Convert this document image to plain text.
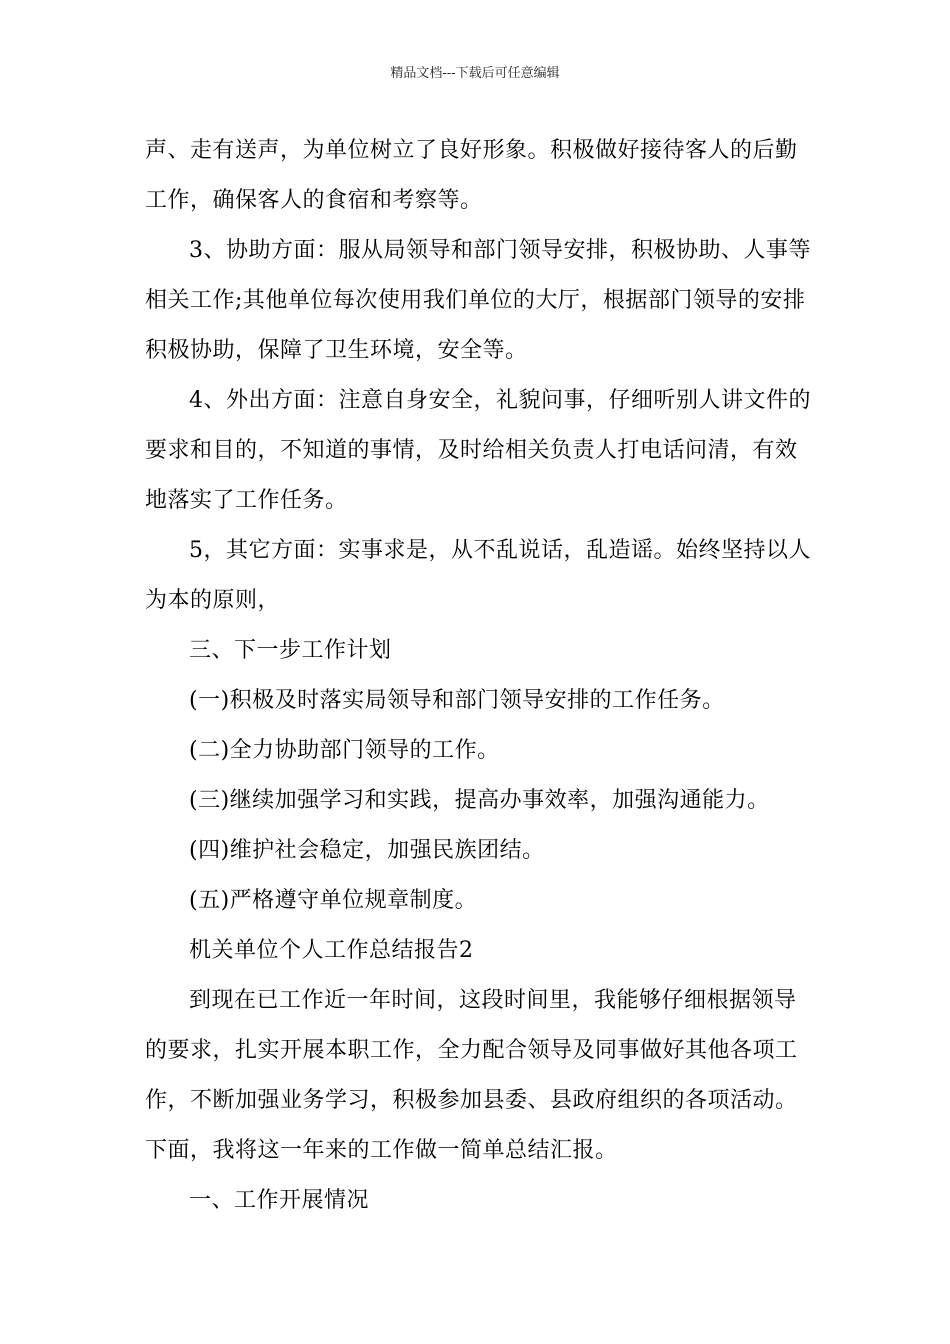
精品文档---下载后可任意编辑
声、走有送声，为单位树立了良好形象。积极做好接待客人的后勤
工作，确保客人的食宿和考察等。
3、协助方面：服从局领导和部门领导安排，积极协助、人事等
相关工作;其他单位每次使用我们单位的大厅，根据部门领导的安排
积极协助，保障了卫生环境，安全等。
4、外出方面：注意自身安全，礼貌问事，仔细听别人讲文件的
要求和目的，不知道的事情，及时给相关负责人打电话问清，有效
地落实了工作任务。
5，其它方面：实事求是，从不乱说话，乱造谣。始终坚持以人
为本的原则，
三、下一步工作计划
(一)积极及时落实局领导和部门领导安排的工作任务。
(二)全力协助部门领导的工作。
(三)继续加强学习和实践，提高办事效率，加强沟通能力。
(四)维护社会稳定，加强民族团结。
(五)严格遵守单位规章制度。
机关单位个人工作总结报告2
到现在已工作近一年时间，这段时间里，我能够仔细根据领导
的要求，扎实开展本职工作，全力配合领导及同事做好其他各项工
作，不断加强业务学习，积极参加县委、县政府组织的各项活动。
下面，我将这一年来的工作做一简单总结汇报。
一、工作开展情况
